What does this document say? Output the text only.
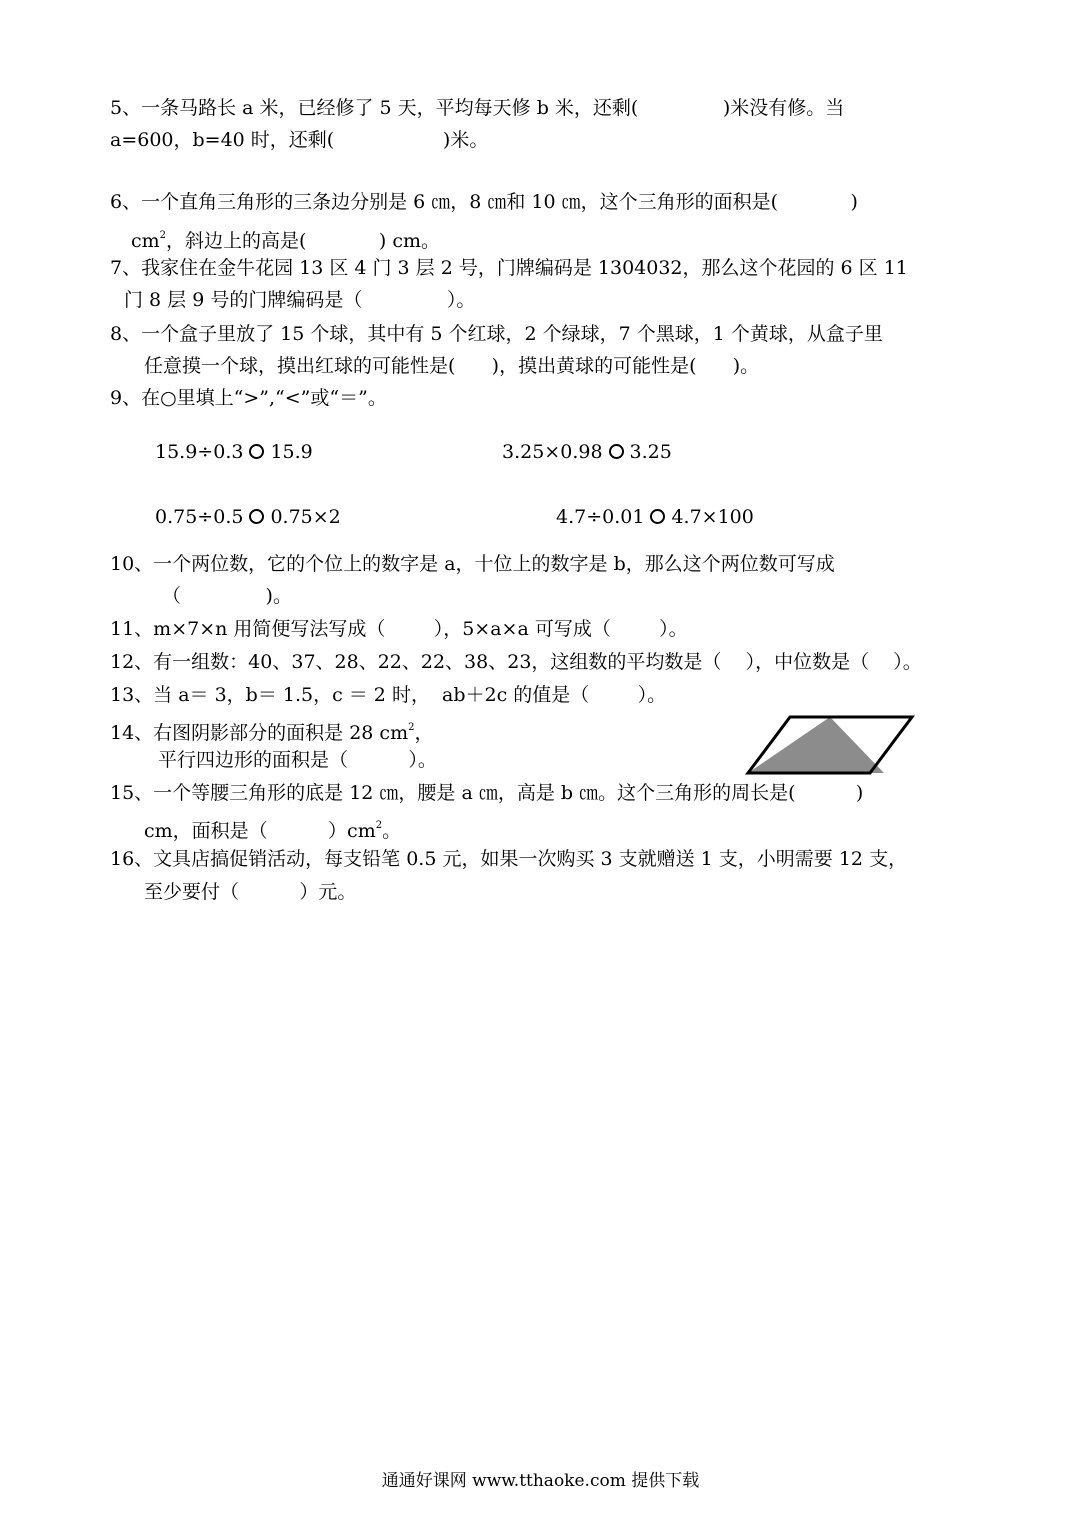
5、一条马路长 a 米，已经修了 5 天，平均每天修 b 米，还剩(              )米没有修。当
a=600，b=40 时，还剩(                  )米。
6、一个直角三角形的三条边分别是 6 ㎝，8 ㎝和 10 ㎝，这个三角形的面积是(            )
$cm^2$，斜边上的高是(            ) cm。
7、我家住在金牛花园 13 区 4 门 3 层 2 号，门牌编码是 1304032，那么这个花园的 6 区 11
门 8 层 9 号的门牌编码是（              ）。
8、一个盒子里放了 15 个球，其中有 5 个红球，2 个绿球，7 个黑球，1 个黄球，从盒子里
任意摸一个球，摸出红球的可能性是(      )，摸出黄球的可能性是(      )。
9、在○里填上“>”,“<”或“＝”。
15.9÷0.3 15.9	3.25×0.98 3.25
0.75÷0.5 0.75×2	4.7÷0.01 4.7×100
10、一个两位数，它的个位上的数字是 a，十位上的数字是 b，那么这个两位数可写成
（              )。
11、m×7×n 用简便写法写成（        ），5×a×a 可写成（        ）。
12、有一组数：40、37、28、22、22、38、23，这组数的平均数是（    ），中位数是（    ）。
13、当 a＝ 3，b＝ 1.5，c ＝ 2 时，  ab＋2c 的值是（        ）。
14、右图阴影部分的面积是 28 $cm^2$，
平行四边形的面积是（          ）。
15、一个等腰三角形的底是 12 ㎝，腰是 a ㎝，高是 b ㎝。这个三角形的周长是(          )
cm，面积是（          ）$cm^2$。
16、文具店搞促销活动，每支铅笔 0.5 元，如果一次购买 3 支就赠送 1 支，小明需要 12 支，
至少要付（          ）元。
通通好课网 www.tthaoke.com 提供下载
